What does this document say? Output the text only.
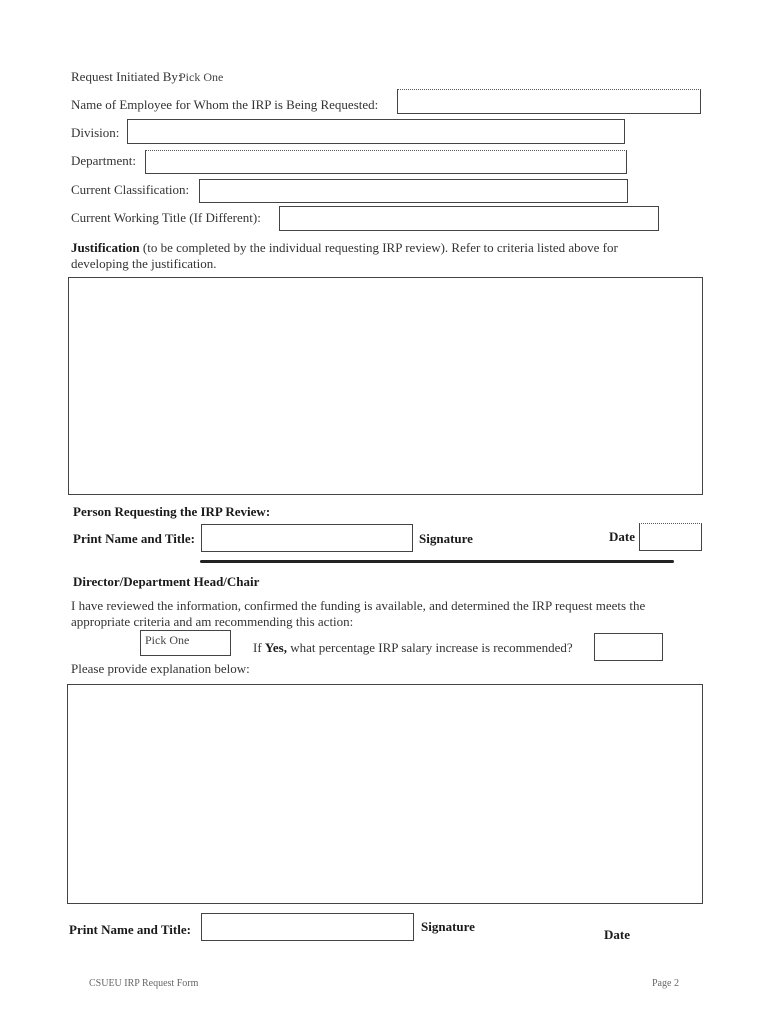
Request Initiated By:
Pick One
Name of Employee for Whom the IRP is Being Requested:
Division:
Department:
Current Classification:
Current Working Title (If Different):
Justification (to be completed by the individual requesting IRP review). Refer to criteria listed above for
developing the justification.
Person Requesting the IRP Review:
Print Name and Title:	Signature	Date
Director/Department Head/Chair
I have reviewed the information, confirmed the funding is available, and determined the IRP request meets the
appropriate criteria and am recommending this action:
Pick One	If Yes, what percentage IRP salary increase is recommended?
Please provide explanation below:
Print Name and Title:	Signature
Date
CSUEU IRP Request Form	Page 2
